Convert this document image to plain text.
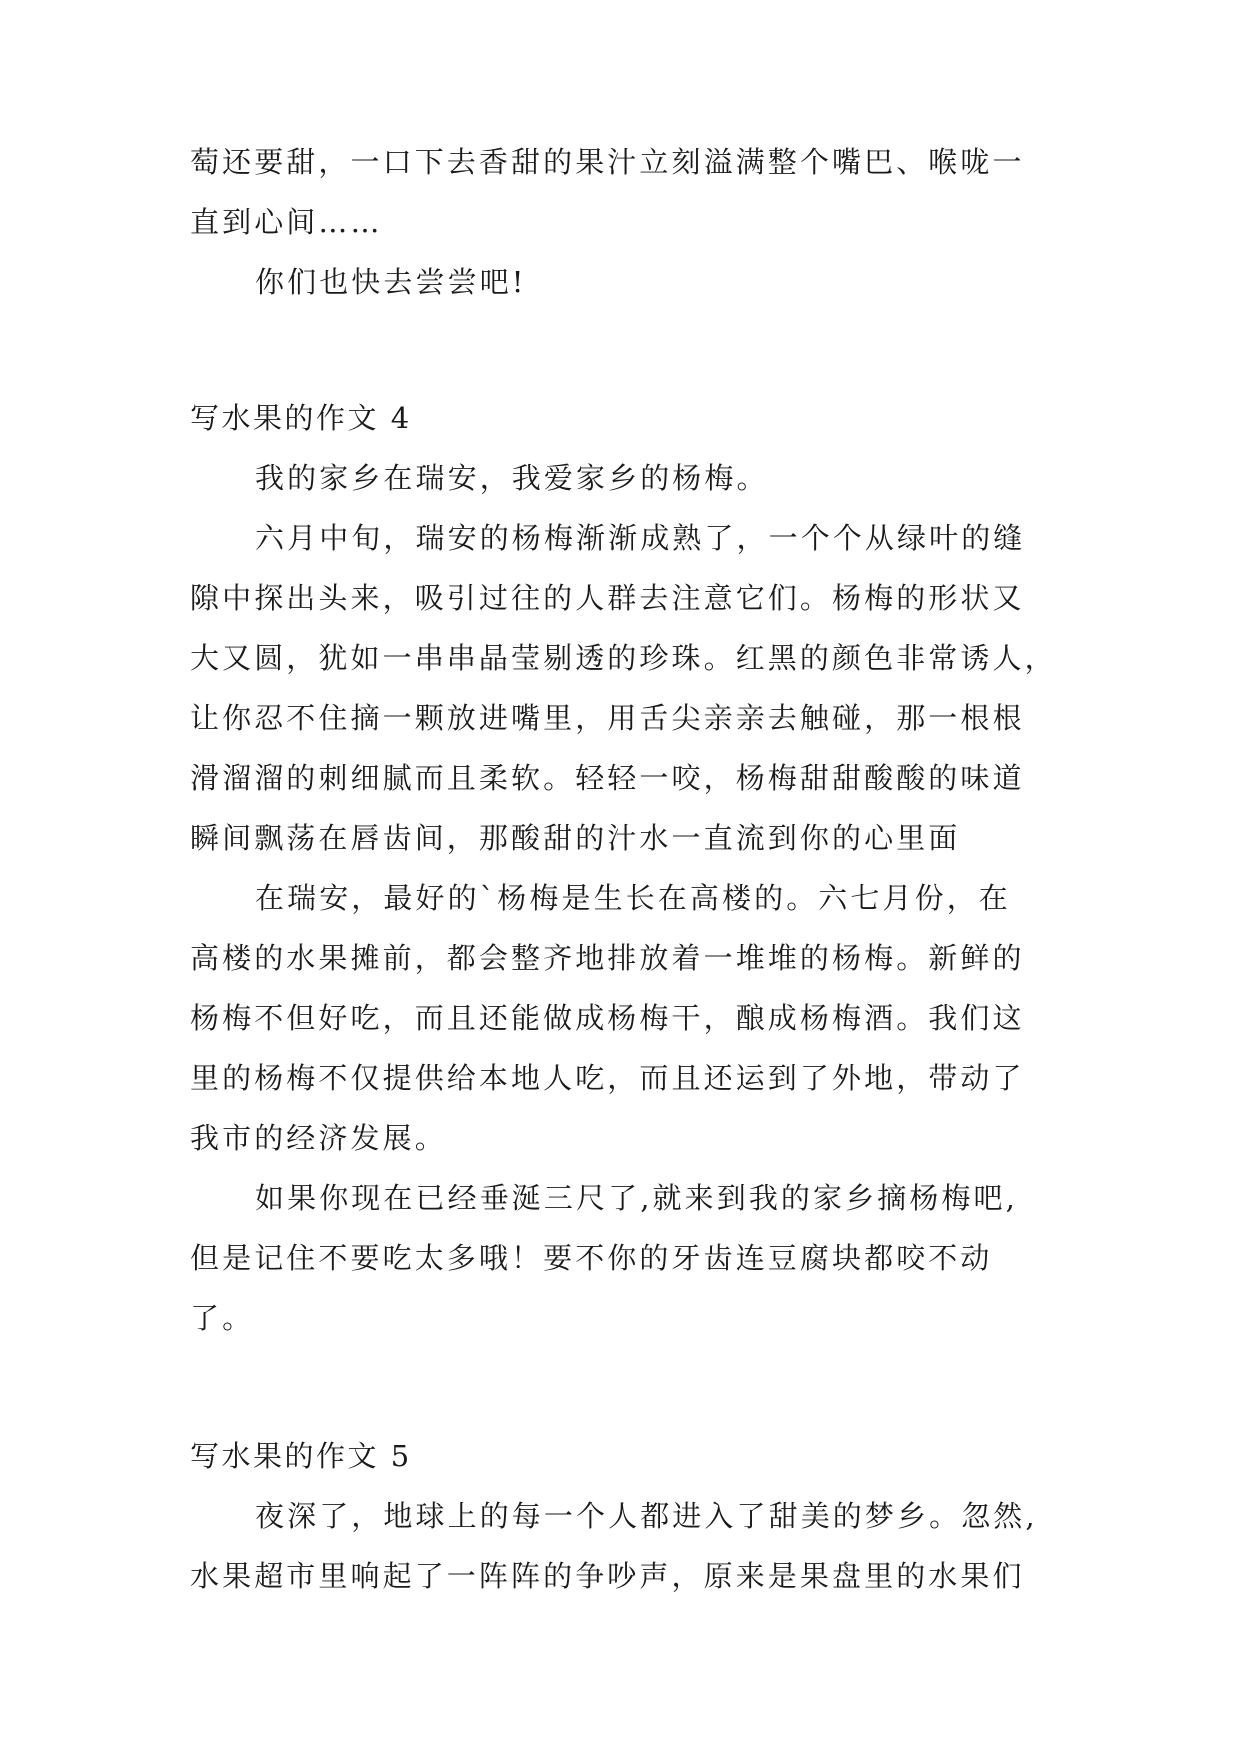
萄还要甜，一口下去香甜的果汁立刻溢满整个嘴巴、喉咙一
直到心间……
你们也快去尝尝吧!
写水果的作文 4
我的家乡在瑞安，我爱家乡的杨梅。
六月中旬，瑞安的杨梅渐渐成熟了，一个个从绿叶的缝
隙中探出头来，吸引过往的人群去注意它们。杨梅的形状又
大又圆，犹如一串串晶莹剔透的珍珠。红黑的颜色非常诱人，
让你忍不住摘一颗放进嘴里，用舌尖亲亲去触碰，那一根根
滑溜溜的刺细腻而且柔软。轻轻一咬，杨梅甜甜酸酸的味道
瞬间飘荡在唇齿间，那酸甜的汁水一直流到你的心里面
在瑞安，最好的`杨梅是生长在高楼的。六七月份，在
高楼的水果摊前，都会整齐地排放着一堆堆的杨梅。新鲜的
杨梅不但好吃，而且还能做成杨梅干，酿成杨梅酒。我们这
里的杨梅不仅提供给本地人吃，而且还运到了外地，带动了
我市的经济发展。
如果你现在已经垂涎三尺了,就来到我的家乡摘杨梅吧,
但是记住不要吃太多哦！要不你的牙齿连豆腐块都咬不动
了。
写水果的作文 5
夜深了，地球上的每一个人都进入了甜美的梦乡。忽然,
水果超市里响起了一阵阵的争吵声，原来是果盘里的水果们
